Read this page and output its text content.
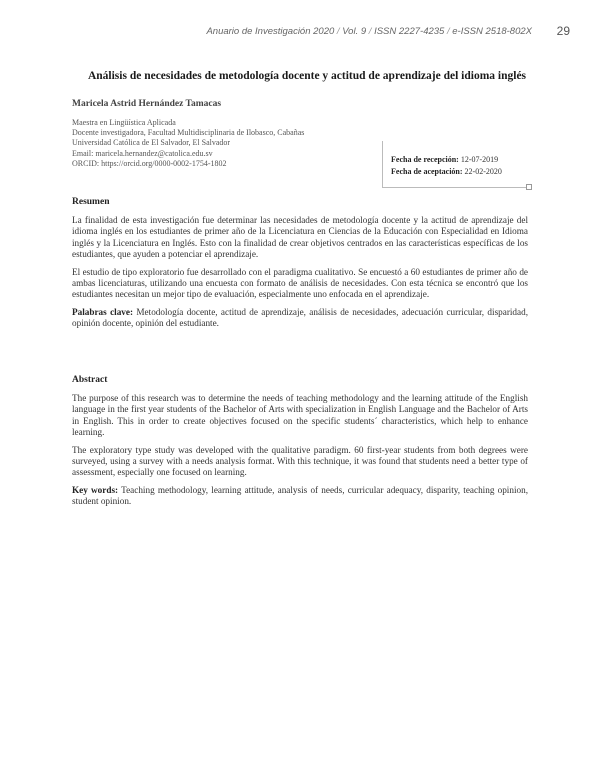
Anuario de Investigación 2020 / Vol. 9 / ISSN 2227-4235 / e-ISSN 2518-802X 29
Análisis de necesidades de metodología docente y actitud de aprendizaje del idioma inglés
Maricela Astrid Hernández Tamacas
Maestra en Lingüística Aplicada
Docente investigadora, Facultad Multidisciplinaria de Ilobasco, Cabañas
Universidad Católica de El Salvador, El Salvador
Email: maricela.hernandez@catolica.edu.sv
ORCID: https://orcid.org/0000-0002-1754-1802	Fecha de recepción: 12-07-2019
Fecha de aceptación: 22-02-2020
Resumen

La finalidad de esta investigación fue determinar las necesidades de metodología docente y la actitud de aprendizaje del idioma inglés en los estudiantes de primer año de la Licenciatura en Ciencias de la Educación con Especialidad en Idioma inglés y la Licenciatura en Inglés. Esto con la finalidad de crear objetivos centrados en las características específicas de los estudiantes, que ayuden a potenciar el aprendizaje.

El estudio de tipo exploratorio fue desarrollado con el paradigma cualitativo. Se encuestó a 60 estudiantes de primer año de ambas licenciaturas, utilizando una encuesta con formato de análisis de necesidades. Con esta técnica se encontró que los estudiantes necesitan un mejor tipo de evaluación, especialmente uno enfocada en el aprendizaje.

Palabras clave: Metodología docente, actitud de aprendizaje, análisis de necesidades, adecuación curricular, disparidad, opinión docente, opinión del estudiante.

Abstract

The purpose of this research was to determine the needs of teaching methodology and the learning attitude of the English language in the first year students of the Bachelor of Arts with specialization in English Language and the Bachelor of Arts in English. This in order to create objectives focused on the specific students´ characteristics, which help to enhance learning.

The exploratory type study was developed with the qualitative paradigm. 60 first-year students from both degrees were surveyed, using a survey with a needs analysis format. With this technique, it was found that students need a better type of assessment, especially one focused on learning.

Key words: Teaching methodology, learning attitude, analysis of needs, curricular adequacy, disparity, teaching opinion, student opinion.
